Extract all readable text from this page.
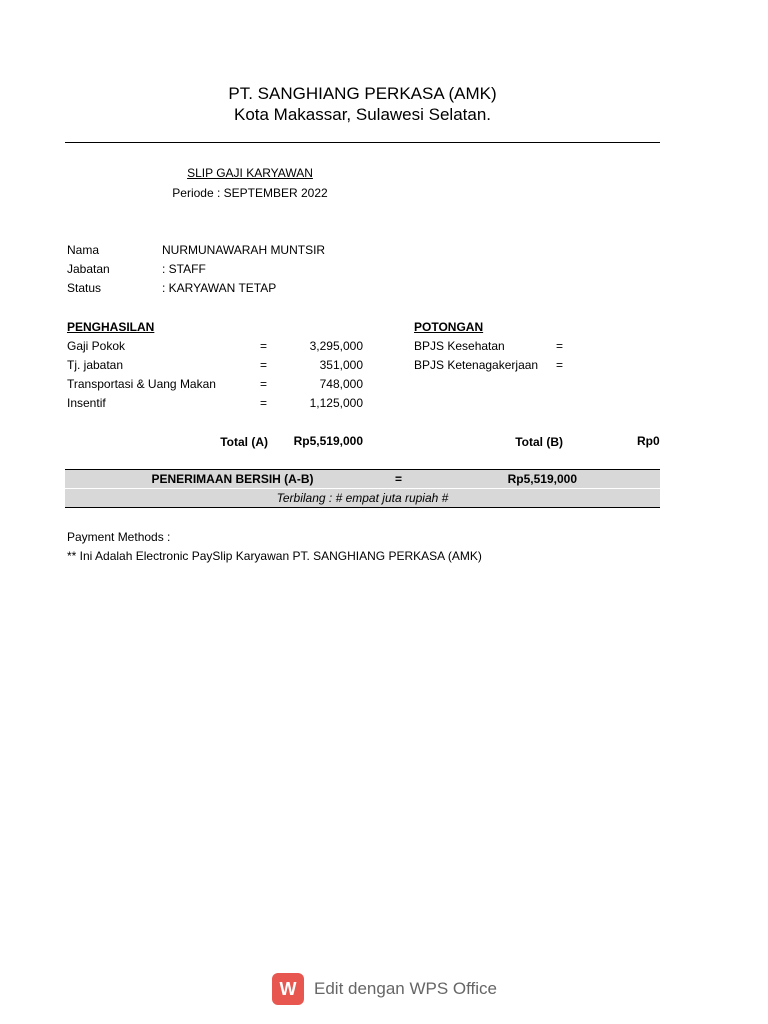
PT. SANGHIANG PERKASA (AMK)
Kota Makassar, Sulawesi Selatan.
SLIP GAJI KARYAWAN
Periode : SEPTEMBER 2022
Nama	NURMUNAWARAH MUNTSIR
Jabatan	: STAFF
Status	: KARYAWAN TETAP
PENGHASILAN
Gaji Pokok	=	3,295,000
Tj. jabatan	=	351,000
Transportasi & Uang Makan	=	748,000
Insentif	=	1,125,000
Total (A)	Rp5,519,000
POTONGAN
BPJS Kesehatan	=
BPJS Ketenagakerjaan =
Total (B)	Rp0
PENERIMAAN BERSIH (A-B)	=	Rp5,519,000
Terbilang : # empat juta rupiah #
Payment Methods :
** Ini Adalah Electronic PaySlip Karyawan PT. SANGHIANG PERKASA (AMK)
W	Edit dengan WPS Office
